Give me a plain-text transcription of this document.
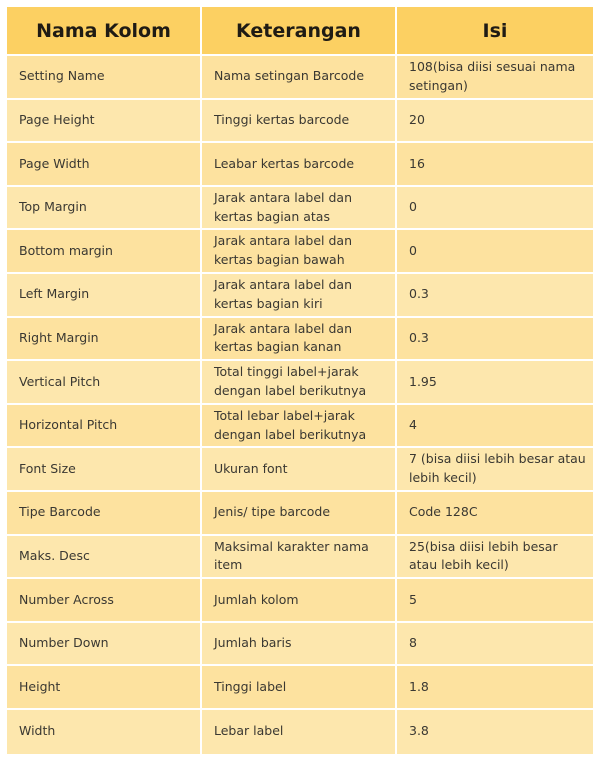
Nama Kolom	Keterangan	Isi
Setting Name	Nama setingan Barcode	108(bisa diisi sesuai nama setingan)
Page Height	Tinggi kertas barcode	20
Page Width	Leabar kertas barcode	16
Top Margin	Jarak antara label dan kertas bagian atas	0
Bottom margin	Jarak antara label dan kertas bagian bawah	0
Left Margin	Jarak antara label dan kertas bagian kiri	0.3
Right Margin	Jarak antara label dan kertas bagian kanan	0.3
Vertical Pitch	Total tinggi label+jarak dengan label berikutnya	1.95
Horizontal Pitch	Total lebar label+jarak dengan label berikutnya	4
Font Size	Ukuran font	7 (bisa diisi lebih besar atau lebih kecil)
Tipe Barcode	Jenis/ tipe barcode	Code 128C
Maks. Desc	Maksimal karakter nama item	25(bisa diisi lebih besar atau lebih kecil)
Number Across	Jumlah kolom	5
Number Down	Jumlah baris	8
Height	Tinggi label	1.8
Width	Lebar label	3.8
